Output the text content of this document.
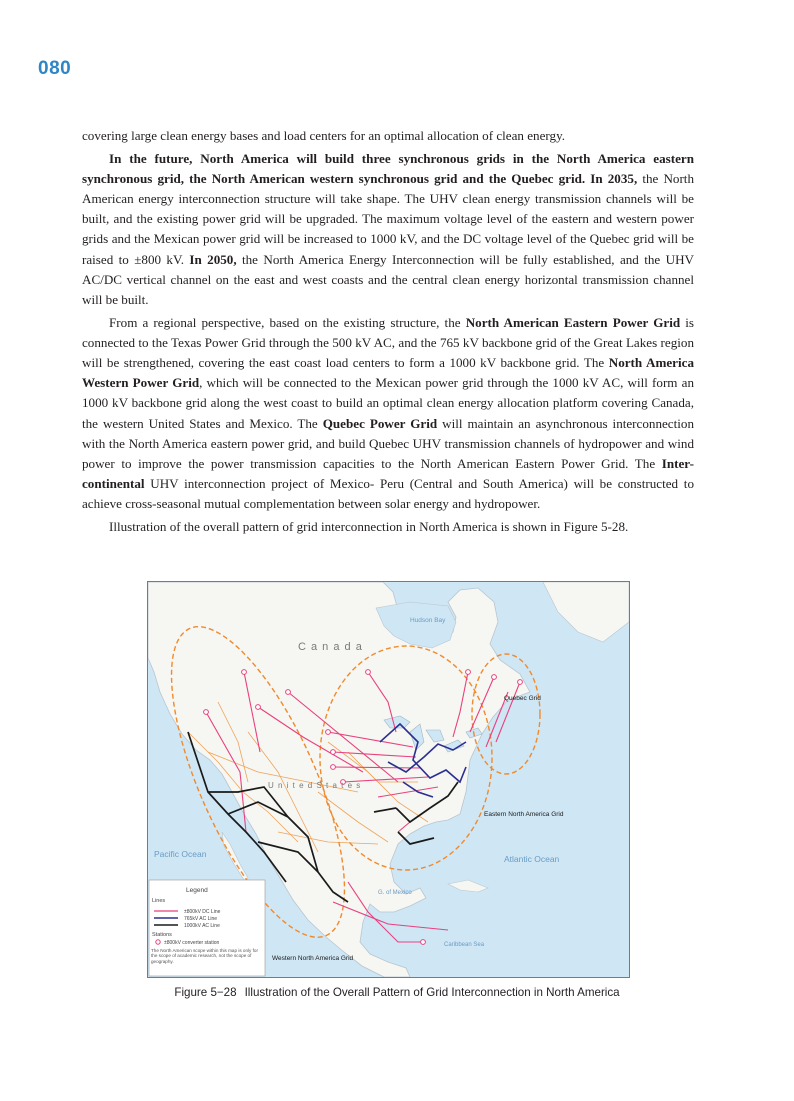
080

covering large clean energy bases and load centers for an optimal allocation of clean energy.

In the future, North America will build three synchronous grids in the North America eastern synchronous grid, the North American western synchronous grid and the Quebec grid. In 2035, the North American energy interconnection structure will take shape. The UHV clean energy transmission channels will be built, and the existing power grid will be upgraded. The maximum voltage level of the eastern and western power grids and the Mexican power grid will be increased to 1000 kV, and the DC voltage level of the Quebec grid will be raised to ±800 kV. In 2050, the North America Energy Interconnection will be fully established, and the UHV AC/DC vertical channel on the east and west coasts and the central clean energy horizontal transmission channel will be built.

From a regional perspective, based on the existing structure, the North American Eastern Power Grid is connected to the Texas Power Grid through the 500 kV AC, and the 765 kV backbone grid of the Great Lakes region will be strengthened, covering the east coast load centers to form a 1000 kV backbone grid. The North America Western Power Grid, which will be connected to the Mexican power grid through the 1000 kV AC, will form an 1000 kV backbone grid along the west coast to build an optimal clean energy allocation platform covering Canada, the western United States and Mexico. The Quebec Power Grid will maintain an asynchronous interconnection with the North America eastern power grid, and build Quebec UHV transmission channels of hydropower and wind power to improve the power transmission capacities to the North American Eastern Power Grid. The Inter-continental UHV interconnection project of Mexico- Peru (Central and South America) will be constructed to achieve cross-seasonal mutual complementation between solar energy and hydropower.

Illustration of the overall pattern of grid interconnection in North America is shown in Figure 5-28.

Hudson Bay
C a n a d a
U n i t e d S t a t e s
Pacific Ocean	Atlantic Ocean
G. of Mexico
Caribbean Sea
Quebec Grid
Eastern North America Grid
Western North America Grid
Legend
Lines
±800kV DC Line
765kV AC Line
1000kV AC Line
Stations
±800kV converter station
The North American scope within this map is only for the scope of academic research, not the scope of geography.
Figure 5−28 Illustration of the Overall Pattern of Grid Interconnection in North America
